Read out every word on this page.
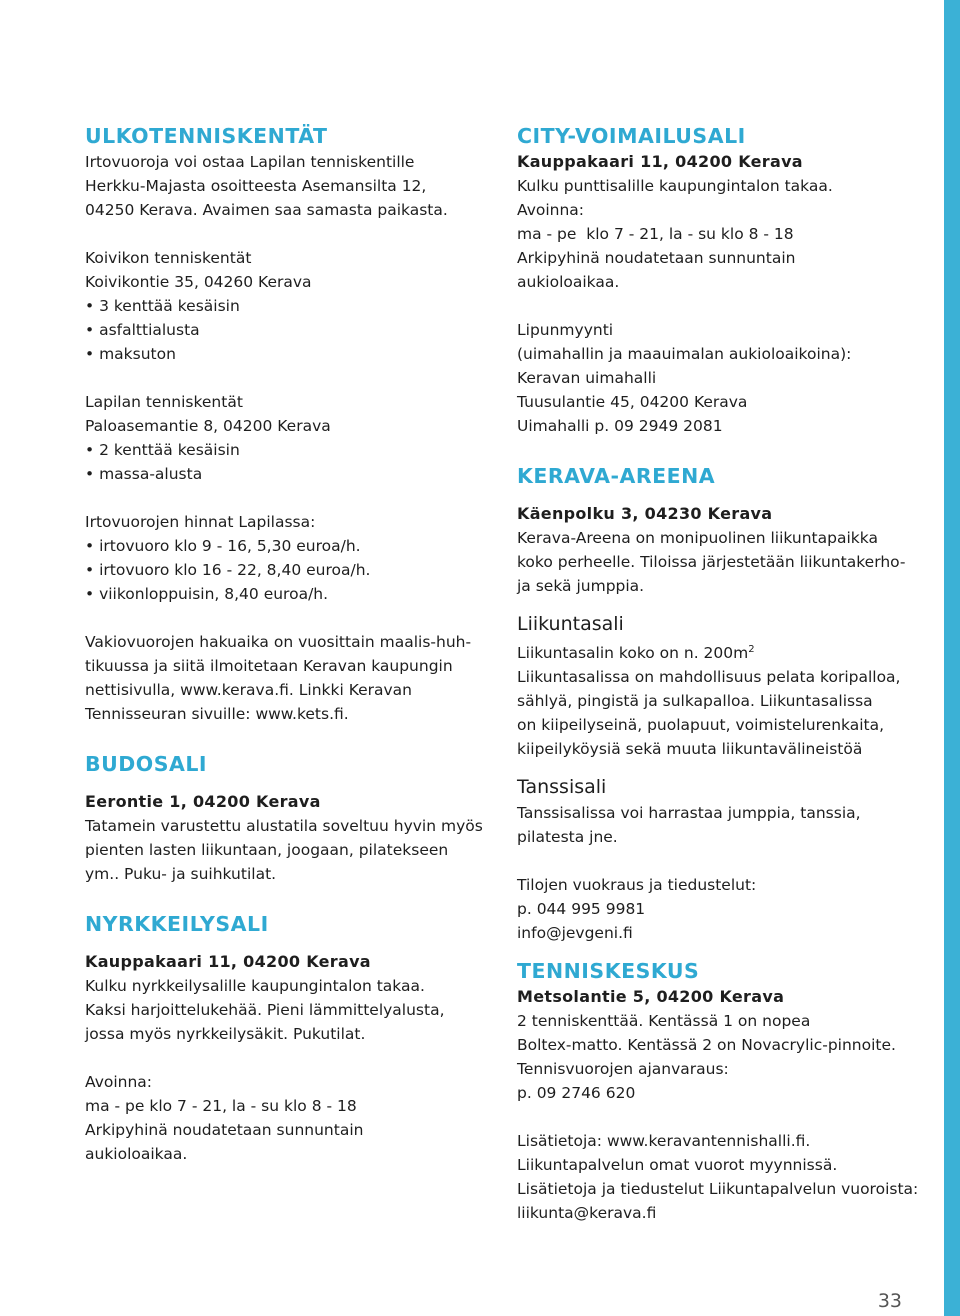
ULKOTENNISKENTÄT

Irtovuoroja voi ostaa Lapilan tenniskentille

Herkku-Majasta osoitteesta Asemansilta 12,

04250 Kerava. Avaimen saa samasta paikasta.

Koivikon tenniskentät

Koivikontie 35, 04260 Kerava

• 3 kenttää kesäisin

• asfalttialusta

• maksuton

Lapilan tenniskentät

Paloasemantie 8, 04200 Kerava

• 2 kenttää kesäisin

• massa-alusta

Irtovuorojen hinnat Lapilassa:

• irtovuoro klo 9 - 16, 5,30 euroa/h.

• irtovuoro klo 16 - 22, 8,40 euroa/h.

• viikonloppuisin, 8,40 euroa/h.

Vakiovuorojen hakuaika on vuosittain maalis-huh-

tikuussa ja siitä ilmoitetaan Keravan kaupungin

nettisivulla, www.kerava.fi. Linkki Keravan

Tennisseuran sivuille: www.kets.fi.

BUDOSALI

Eerontie 1, 04200 Kerava

Tatamein varustettu alustatila soveltuu hyvin myös

pienten lasten liikuntaan, joogaan, pilatekseen

ym.. Puku- ja suihkutilat.

NYRKKEILYSALI

Kauppakaari 11, 04200 Kerava

Kulku nyrkkeilysalille kaupungintalon takaa.

Kaksi harjoittelukehää. Pieni lämmittelyalusta,

jossa myös nyrkkeilysäkit. Pukutilat.

Avoinna:

ma - pe klo 7 - 21, la - su klo 8 - 18

Arkipyhinä noudatetaan sunnuntain

aukioloaikaa.

CITY-VOIMAILUSALI

Kauppakaari 11, 04200 Kerava

Kulku punttisalille kaupungintalon takaa.

Avoinna:

ma - pe  klo 7 - 21, la - su klo 8 - 18

Arkipyhinä noudatetaan sunnuntain

aukioloaikaa.

Lipunmyynti

(uimahallin ja maauimalan aukioloaikoina):

Keravan uimahalli

Tuusulantie 45, 04200 Kerava

Uimahalli p. 09 2949 2081

KERAVA-AREENA

Käenpolku 3, 04230 Kerava

Kerava-Areena on monipuolinen liikuntapaikka

koko perheelle. Tiloissa järjestetään liikuntakerho-

ja sekä jumppia.

Liikuntasali

Liikuntasalin koko on n. $200m^2$

Liikuntasalissa on mahdollisuus pelata koripalloa,

sählyä, pingistä ja sulkapalloa. Liikuntasalissa

on kiipeilyseinä, puolapuut, voimistelurenkaita,

kiipeilyköysiä sekä muuta liikuntavälineistöä

Tanssisali

Tanssisalissa voi harrastaa jumppia, tanssia,

pilatesta jne.

Tilojen vuokraus ja tiedustelut:

p. 044 995 9981

info@jevgeni.fi

TENNISKESKUS

Metsolantie 5, 04200 Kerava

2 tenniskenttää. Kentässä 1 on nopea

Boltex-matto. Kentässä 2 on Novacrylic-pinnoite.

Tennisvuorojen ajanvaraus:

p. 09 2746 620

Lisätietoja: www.keravantennishalli.fi.

Liikuntapalvelun omat vuorot myynnissä.

Lisätietoja ja tiedustelut Liikuntapalvelun vuoroista:

liikunta@kerava.fi

33
